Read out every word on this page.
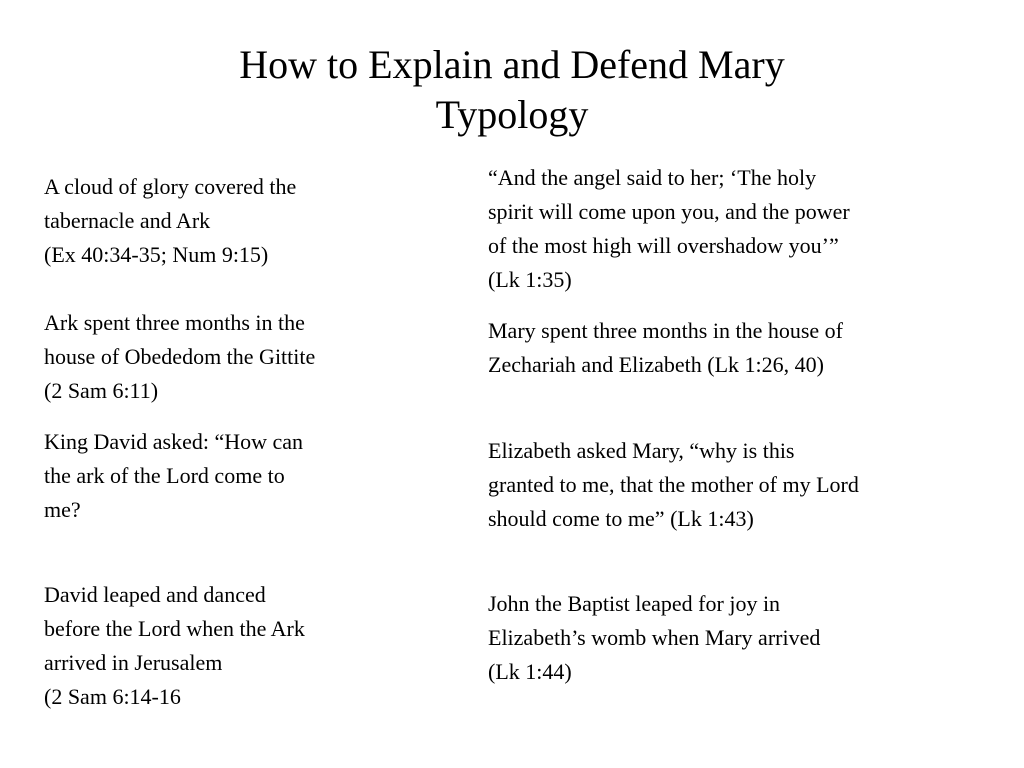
How to Explain and Defend Mary
Typology

A cloud of glory covered the
tabernacle and Ark
(Ex 40:34-35; Num 9:15)

Ark spent three months in the
house of Obededom the Gittite
(2 Sam 6:11)

King David asked: “How can
the ark of the Lord come to
me?

David leaped and danced
before the Lord when the Ark
arrived in Jerusalem
(2 Sam 6:14-16

“And the angel said to her; ‘The holy
spirit will come upon you, and the power
of the most high will overshadow you’”
(Lk 1:35)

Mary spent three months in the house of
Zechariah and Elizabeth (Lk 1:26, 40)

Elizabeth asked Mary, “why is this
granted to me, that the mother of my Lord
should come to me” (Lk 1:43)

John the Baptist leaped for joy in
Elizabeth’s womb when Mary arrived
(Lk 1:44)
